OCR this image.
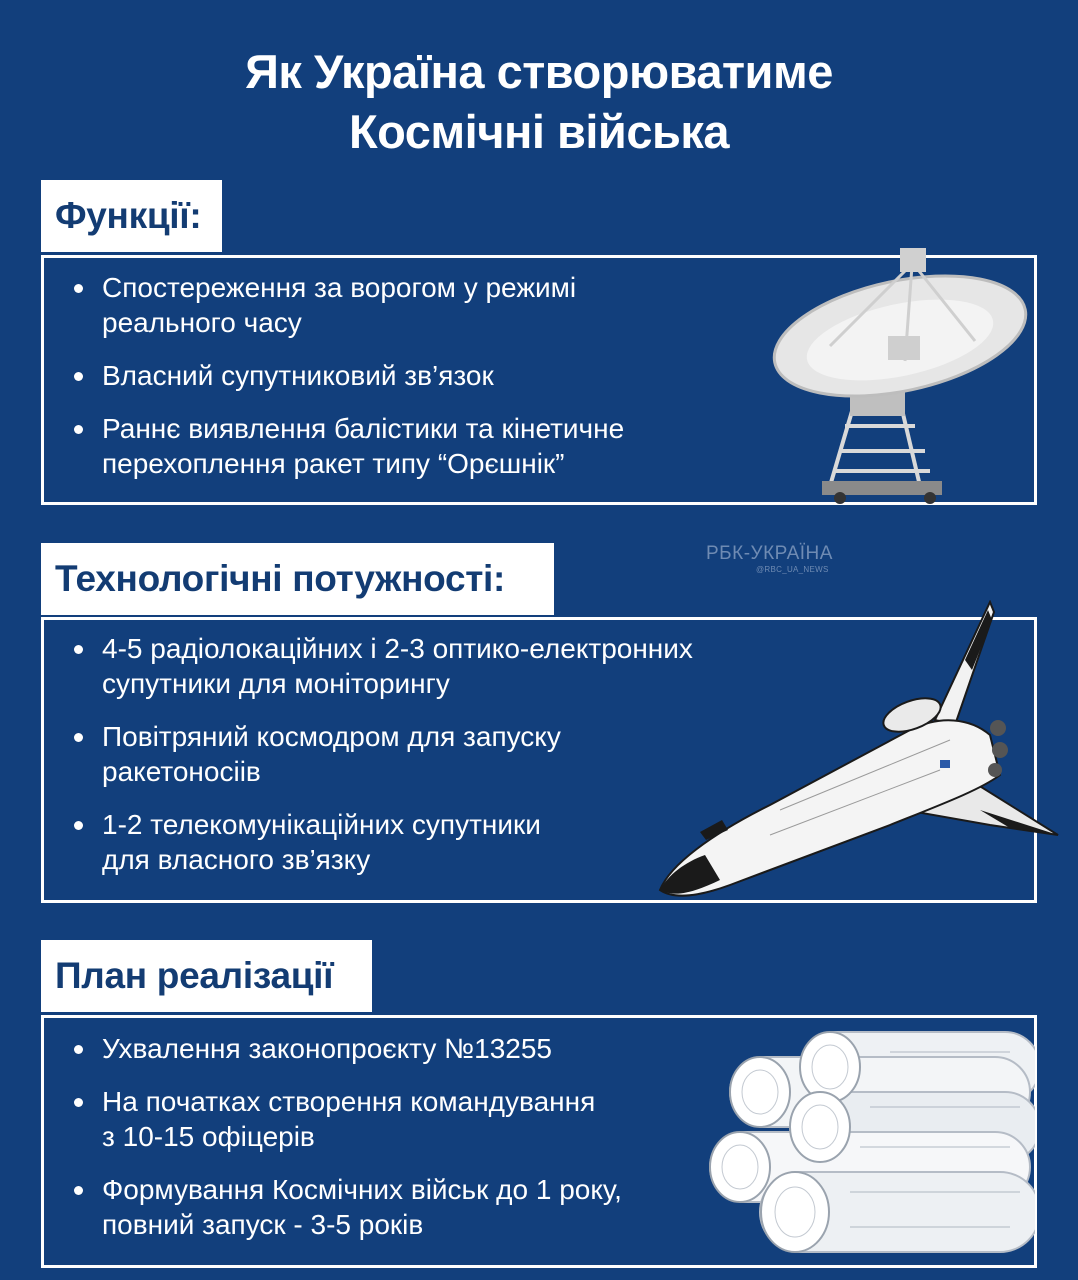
Як Україна створюватиме
Космічні війська
Функції:
Спостереження за ворогом у режимі
реального часу
Власний супутниковий зв’язок
Раннє виявлення балістики та кінетичне
перехоплення ракет типу “Орєшнік”
РБК-УКРАЇНА
@RBC_UA_NEWS
Технологічні потужності:
4-5 радіолокаційних і 2-3 оптико-електронних
супутники для моніторингу
Повітряний космодром для запуску
ракетоносіів
1-2 телекомунікаційних супутники
для власного зв’язку
План реалізації
Ухвалення законопроєкту №13255
На початках створення командування
з 10-15 офіцерів
Формування Космічних військ до 1 року,
повний запуск - 3-5 років
